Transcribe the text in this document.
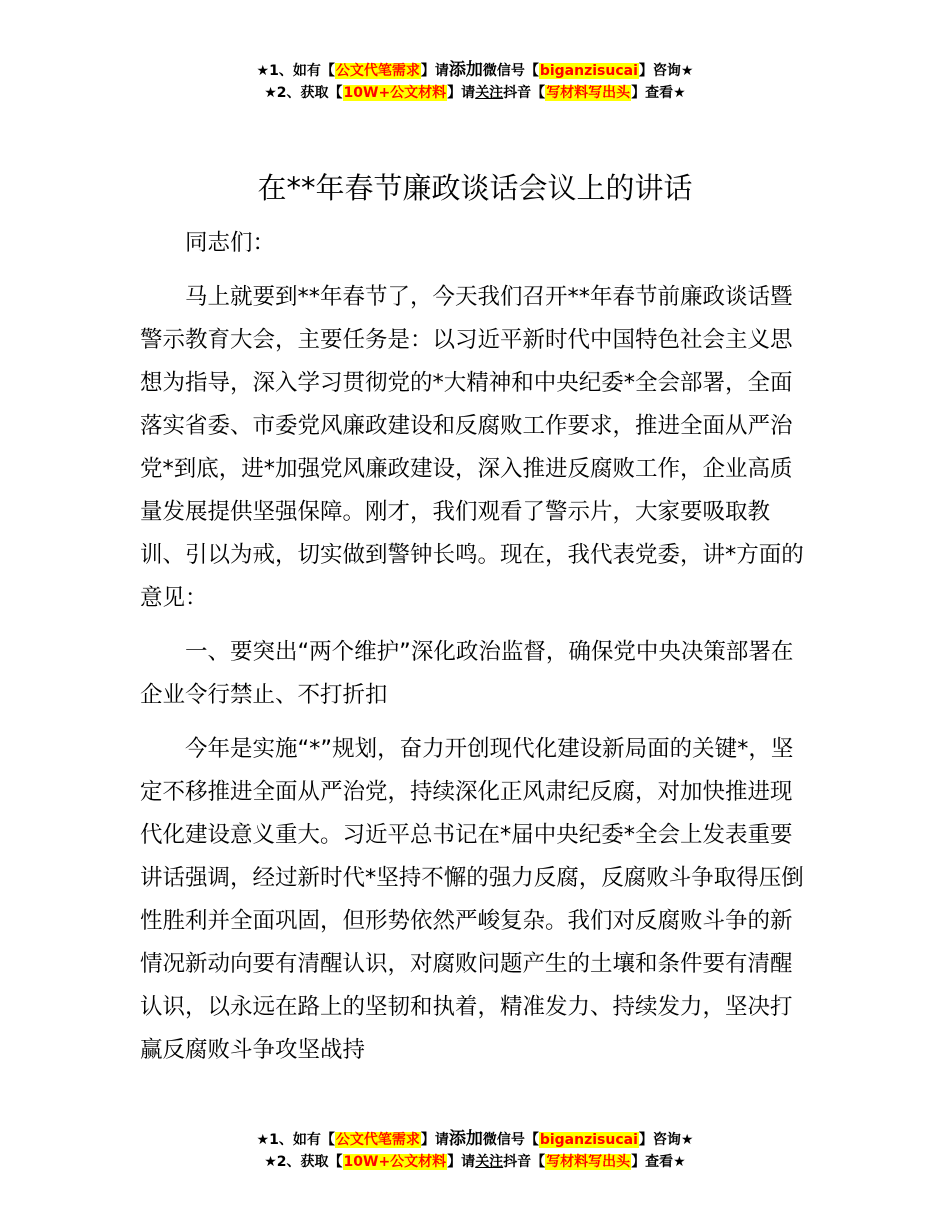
★1、如有【公文代笔需求】请添加微信号【biganzisucai】咨询★
★2、获取【10W+公文材料】请关注抖音【写材料写出头】查看★
在**年春节廉政谈话会议上的讲话

同志们：

马上就要到**年春节了，今天我们召开**年春节前廉政谈话暨警示教育大会，主要任务是：以习近平新时代中国特色社会主义思想为指导，深入学习贯彻党的*大精神和中央纪委*全会部署，全面落实省委、市委党风廉政建设和反腐败工作要求，推进全面从严治党*到底，进*加强党风廉政建设，深入推进反腐败工作，企业高质量发展提供坚强保障。刚才，我们观看了警示片，大家要吸取教训、引以为戒，切实做到警钟长鸣。现在，我代表党委，讲*方面的意见：

一、要突出“两个维护”深化政治监督，确保党中央决策部署在企业令行禁止、不打折扣

今年是实施“*”规划，奋力开创现代化建设新局面的关键*，坚定不移推进全面从严治党，持续深化正风肃纪反腐，对加快推进现代化建设意义重大。习近平总书记在*届中央纪委*全会上发表重要讲话强调，经过新时代*坚持不懈的强力反腐，反腐败斗争取得压倒性胜利并全面巩固，但形势依然严峻复杂。我们对反腐败斗争的新情况新动向要有清醒认识，对腐败问题产生的土壤和条件要有清醒认识，以永远在路上的坚韧和执着，精准发力、持续发力，坚决打赢反腐败斗争攻坚战持

★1、如有【公文代笔需求】请添加微信号【biganzisucai】咨询★
★2、获取【10W+公文材料】请关注抖音【写材料写出头】查看★
